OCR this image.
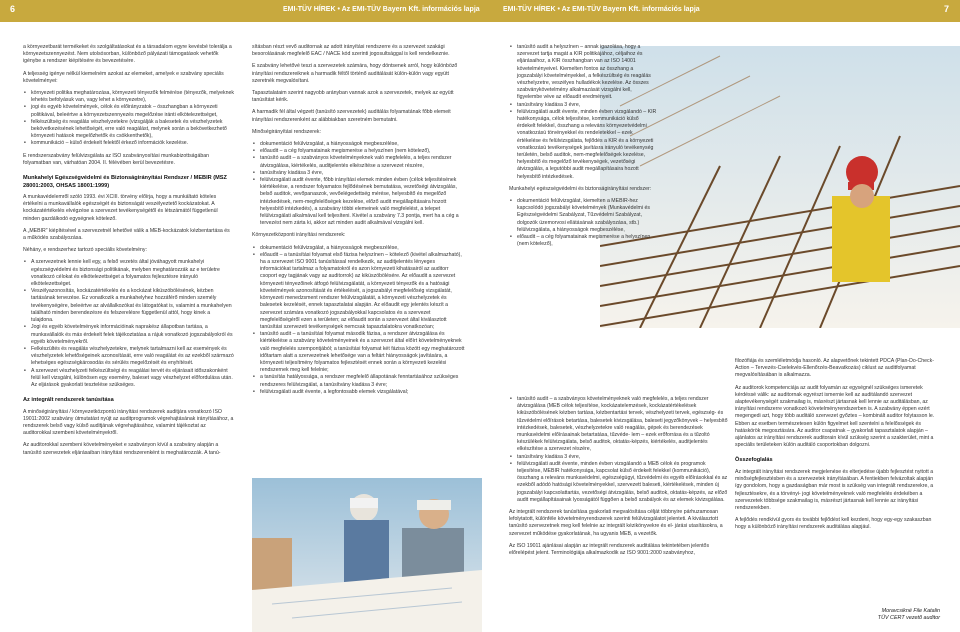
6	EMI-TÜV HÍREK • Az EMI-TÜV Bayern Kft. információs lapja	EMI-TÜV HÍREK • Az EMI-TÜV Bayern Kft. információs lapja	7

a környezetbarát termékeket és szolgáltatásokat és a társadalom egyre kevésbé tolerálja a környezetszennyezést. Nem utolsósorban, különböző pályázati támogatások vehetők igénybe a rendszer kiépítésére és bevezetésére.

A teljesség igénye nélkül kiemelném azokat az elemeket, amelyek e szabvány speciális követelményei:

• környezeti politika meghatározása, környezeti tényezők felmérése (tényezők, melyeknek lehetés befolyásuk van, vagy lehet a környezetre),
• jogi és egyéb követelmények, célok és előirányzatok – összhangban a környezeti politikával, beleértve a környezetszennyezés megelőzése iránti elkötelezettséget,
• felkészültség és reagálás vészhelyzetekre (vizsgálják a balesetek és vészhelyzetek bekövetkezésének lehetőségét, erre való reagálást, melynek során a bekövetkezhető környezeti hatások megelőzhetők és csökkenthetők),
• kommunikáció – külső érdekelt felektől érkező információk kezelése.

E rendszerszabvány felülvizsgálata az ISO szabványosítási munkabizottságában folyamatban van, várhatóan 2004. II. félévében kerül bevezetésre.

Munkahelyi Egészségvédelmi és Biztonságirányítási Rendszer / MEBIR (MSZ 28001:2003, OHSAS 18001:1999)

A munkavédelemről szóló 1993. évi XCIII. törvény előírja, hogy a munkáltató köteles értékelni a munkavállalók egészségét és biztonságát veszélyeztető kockázatokat. A kockázatértékelés elvégzése a szervezet tevékenységétől és létszámától függetlenül minden gazdálkodó egységnek kötelező.

A „MEBIR” kiépítésével a szervezetnél lehetővé válik a MEB-kockázatok kézbentartása és a működés szabályozása.

Néhány, e rendszerhez tartozó speciális követelmény:

• A szervezetnek lennie kell egy, a felső vezetés által jóváhagyott munkahelyi egészségvédelmi és biztonsági politikának, melyben meghatározzák az e területre vonatkozó célokat és elkötelezettséget a folyamatos fejlesztésre irányuló elkötelezettséget.
• Veszélyazonosítás, kockázatértékelés és a kockázat kiküszöbölésének, kézben tartásának tervezése. Ez vonatkozik a munkahelyhez hozzáférő minden személy tevékenységére, beleértve az alvállalkozókat és látogatókat is, valamint a munkahelyen található minden berendezésre és felszerelésre függetlenül attól, hogy kinek a tulajdona.
• Jogi és egyéb követelmények információinak naprakész állapotban tartása, a munkavállalók és más érdekelt felek tájékoztatása a rájuk vonatkozó jogszabályokról és egyéb követelményekről.
• Felkészültés és reagálás vészhelyzetekre, melynek tartalmazni kell az események és vészhelyzetek lehetőségeinek azonosítását, erre való reagálást és az ezekből származó lehetséges egészségkárosodás és sérülés megelőzését és enyhítését.
• A szervezet vészhelyzeti felkészültségi és reagálási tervét és eljárásait időszakonként felül kell vizsgálni, különösen egy esemény, baleset vagy vészhelyzet előfordulása után. Az eljárások gyakorlati tesztelése szükséges.
Az integrált rendszerek tanúsítása

A minőségirányítási / környezetközpontú irányítási rendszerek auditjára vonatkozó ISO 19011:2002 szabvány útmutatást nyújt az auditprogramok végrehajtásának irányításához, a rendszerek belső vagy külső auditjának végrehajtásához, valamint tájékoztat az auditorokkal szembeni követelményekről.

Az auditorokkal szembeni követelményeket e szabványon kívül a szabvány alapján a tanúsító szervezetek eljárásaiban irányítási rendszerenként is meghatározzák. A tanú-

sításban részt vevő auditornak az adott irányítási rendszerre és a szervezet szakági besorolásának megfelelő EAC / NACE kód szerinti jogosultsággal is kell rendelkeznie.

E szabvány lehetővé teszi a szervezetek számára, hogy döntsenek arról, hogy különböző irányítási rendszereiknek a harmadik féltől történő auditálását külön-külön vagy együtt szeretnék megvalósítani.

Tapasztalataim szerint nagyobb arányban vannak azok a szervezetek, melyek az együtt tanúsítást kérik.

A harmadik fél által végzett (tanúsító szervezetek) auditálás folyamatának főbb elemeit irányítási rendszerenként az alábbiakban szeretném bemutatni.

Minőségirányítási rendszerek:

• dokumentáció felülvizsgálat, a hiányosságok megbeszélése,
• előaudit – a cég folyamatainak megismerése a helyszínen (nem kötelező),
• tanúsító audit – a szabványos követelményeknek való megfelelés, a teljes rendszer átvizsgálása, kiértékelés, auditjelentés elkészítése a szervezet részére,
• tanúsítvány kiadása 3 évre,
• felülvizsgálati audit évente, főbb irányítási elemek minden évben (célok teljesítésének kiértékelése, a rendszer folyamatos fejlődésének bemutatása, vezetőségi átvizsgálás, belső auditok, vevőpanaszok, vevőelégedettség mérése, helyesbítő és megelőző intézkedések, nem-megfelelőségek kezelése, előző audit megállapításaira hozott helyesbítő intézkedés), a szabvány többi elemeinek való megfelelést, a telepet felülvizsgálati alkalmával kell teljesíteni. Kivétel a szabvány 7.3 pontja, mert ha a cég a tervezést nem zárta ki, akkor azt minden audit alkalmával vizsgálni kell.

Környezetközponti irányítási rendszerek:

• dokumentáció felülvizsgálat, a hiányosságok megbeszélése,
• előaudit – a tanúsítási folyamat első fázisa helyszínen – kötelező (kivétel alkalmazható), ha a szervezet ISO 9001 tanúsítással rendelkezik, az auditjelentés lényeges információkat tartalmaz a folyamatokról és azon környezeti kihatásairól az auditorr csoport egy tagjának vagy az auditorrok) az kiküszöbölésére. Az előaudit a szervezet környezeti tényezőinek átfogó felülvizsgálatát, a környezeti tényezők és a hatósági követelmények azonosítását és értékelését, a jogszabályi megfelelőség vizsgálatát, környezeti menedzsment rendszer felülvizsgálatát, a környezeti vészhelyzetek és balesetek kezelését, ennek tapasztalatai alapján. Az előaudit egy jelentés készít a szervezet számára vonatkozó jogszabályokkal kapcsolatos és a szervezet megfelelőségéről ezen a területen; az előaudit során a szervezet által kiválasztott tanúsítási szervezeti tevékenységek nemcsak tapasztalatokra vonatkozóan;
• tanúsító audit – a tanúsítási folyamat második fázisa, a rendszer átvizsgálása és kiértékelése a szabvány követelményeinek és a szervezet által előírt követelményeknek való megfelelés szempontjából; a tanúsítási folyamat két fázisa között egy meghatározott időtartam alatt a szervezetnek lehetősége van a feltárt hiányosságok javítására, a környezeti teljesítmény folyamatos fejlesztését ennek során a környezeti kezelési rendszernek meg kell felelnie;
• a tanúsítás hatályossága, a rendszer megfelelő állapotának fenntartásához szükséges rendszeres felülvizsgálat, a tanúsítvány kiadása 3 évre;
• felülvizsgálati audit évente, a legfontosabb elemek vizsgálatával;
• tanúsító audit a helyszínen – annak igazolása, hogy a szervezet tartja magát a KIR politikájához, céljaihoz és eljárásaihoz, a KIR összhangban van az ISO 14001 követelményeivel. Kiemelten fontos az összhang a jogszabályi követelményekkel, a felkészültség és reagálás vészhelyzetre, veszélyes hulladékok kezelése. Az összes szabványkövetelmény alkalmazását vizsgálni kell, figyelembe véve az előaudit eredményeit.
• tanúsítvány kiadása 3 évre,
• felülvizsgálati audit évente, minden évben vizsgálandó – KIR hatékonysága, célok teljesítése, kommunikáció külső érdekelt felekkel, összhang a releváns környezetvédelmi vonatkozású törvényekkel és rendeletekkel – ezek értékelése és felülvizsgálata, fejlődés a KIR és a környezeti vonatkozású tevékenységek javításra irányuló tevékenység területén, belső auditok, nem-megfelelőségek kezelése, helyesbítő és megelőző tevékenységek, vezetőségi átvizsgálás, a legutóbbi audit megállapításaira hozott helyesbítő intézkedések.

Munkahelyi egészségvédelmi és biztonságirányítási rendszer:

• dokumentáció felülvizsgálat, kiemelten a MEBIR-hez kapcsolódó jogszabályi követelmények (Munkavédelmi és Egészségvédelmi Szabályzat, Tűzvédelmi Szabályzat, dolgozók üzemorvosi ellátásának szabályozása, stb.) felülvizsgálata, a hiányosságok megbeszélése,
• előaudit – a cég folyamatainak megismerése a helyszínen (nem kötelező),
• tanúsító audit – a szabványos követelményeknek való megfelelés, a teljes rendszer átvizsgálása (MEB célok teljesítése, kockázatelemzések, kockázatértékelések kiküszöbölésének kézben tartása, kézbentartási tervek, vészhelyzeti tervek, egészség- és tűzvédelmi előírások betartása, balesetek kivizsgálása, baleseti jegyzőkönyvek – helyesbítő intézkedések, balesetek, vészhelyzetekre való reagálás, gépek és berendezések munkavédelmi előírásainak betartatása, tűzvéde- lem – ezek erőforrása és a tűzoltó készülékek felülvizsgálata, belső auditok, oktatás-képzés, kiértékelés, auditjelentés elkészítése a szervezet részére,
• tanúsítvány kiadása 3 évre,
• felülvizsgálati audit évente, minden évben vizsgálandó a MEB célok és programok teljesítése, MEBIR hatékonysága, kapcsolat külső érdekelt felekkel (kommunikáció), összhang a releváns munkavédelmi, egészségügyi, tűzvédelmi és egyéb előírásokkal és az ezekből adódó hatósági követelményekkel, szervezett baleseti, kiértékelések, minden új jogszabályi kapcsolattartás, vezetőségi átvizsgálás, belső auditok, oktatás-képzés, az előző audit megállapításainak lyosságától függően a belső szabályok és az elemek kivizsgálása.

Az integrált rendszerek tanúsítása gyakorlati megvalósítása célját többnyire párhuzamosan lefolytatott, különféle követelményrendszerek szerinti felülvizsgálatot jelenteti. A kiválasztott tanúsító szervezetnek meg kell felelnie az integrált kézikönyvekre és el- járási utasításokra, a szervezet működése gyakorlatának, ha ugyanis MEB, a vezetők.

Az ISO 19011 ajánlásai alapján az integrált rendszerek auditálása tekintetében jelentős előrelépést jelent. Terminológiája alkalmazkodik az ISO 9001:2000 szabványhoz,

filozófiája és szemléletmódja hasonló. Az alapvetőnek tekintett PDCA (Plan-Do-Check-Action – Tervezés-Cselekvés-Ellenőrzés-Beavatkozás) ciklust az auditfolyamat megvalósításában is alkalmazza.

Az auditorok kompetenciája az audit folyamán az egységnél szükséges ismeretek kérdéssé válik: az auditornak egyrészt ismernie kell az auditálandó szervezet alaptevékenységét szakmailag is, másrészt jártasnak kell lennie az auditálásban, az irányítási rendszerre vonatkozó követelményrendszerben is. A szabvány éppen ezért megengedi azt, hogy több auditáló szervezet győztes – kombinált auditor folytasson le. Ebben az esetben természetesen külön figyelmet kell szentelni a felelősségek és hatáskörök megosztására. Az auditor csapatnak – gyakorlati tapasztalatok alapján – ajánlatos az irányítási rendszerek auditorain kívül szükség szerint a szakterület, mint a speciális területeken külön auditáló csoportokban dolgozni.

Összefoglalás

Az integrált irányítási rendszerek megjelenése és elterjedése újabb fejlesztést nyitott a minőségfejlesztésben és a szervezetek irányításában. A fentiekben felvázoltak alapján így gondolom, hogy a gazdaságban már most is szükség van integrált rendszerekre, a fejlesztésekre, és a törvényi- jogi követelményeknek való megfelelés érdekében a szervezetek többsége szakmailag is, másrészt jártasnak kell lennie az irányítási rendszerekben.

A fejlődés rendkívül gyors és további fejlődést kell kezdeni, hogy egy-egy szakaszban hogy a különböző irányítási rendszerek auditálása alapjául.

Moravcsikné File Katalin
TÜV CERT vezető auditor
